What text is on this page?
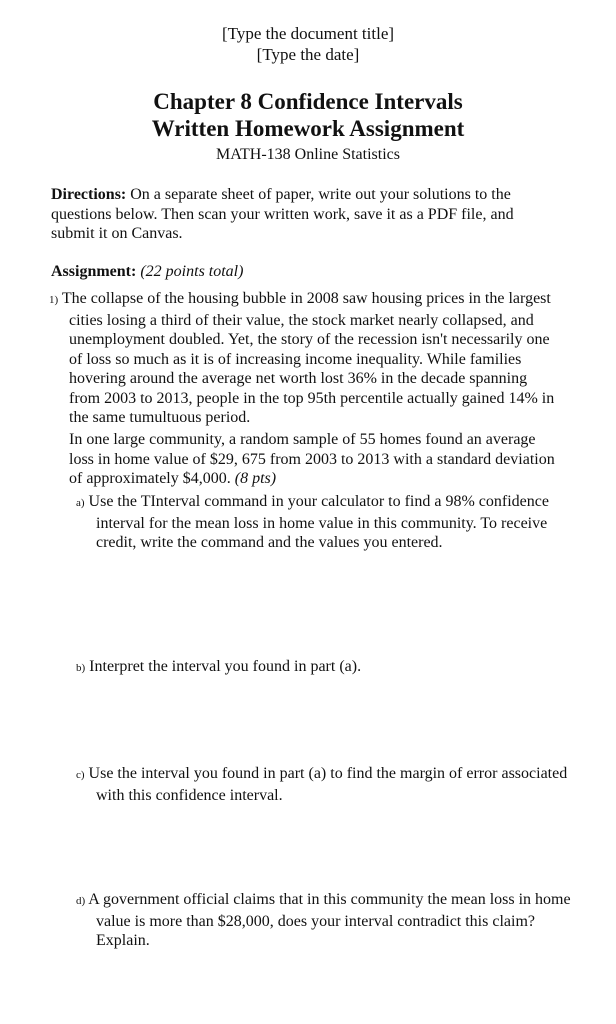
[Type the document title]
[Type the date]
Chapter 8 Confidence Intervals
Written Homework Assignment
MATH-138 Online Statistics
Directions: On a separate sheet of paper, write out your solutions to the questions below. Then scan your written work, save it as a PDF file, and submit it on Canvas.
Assignment: (22 points total)
1) The collapse of the housing bubble in 2008 saw housing prices in the largest cities losing a third of their value, the stock market nearly collapsed, and unemployment doubled. Yet, the story of the recession isn't necessarily one of loss so much as it is of increasing income inequality. While families hovering around the average net worth lost 36% in the decade spanning from 2003 to 2013, people in the top 95th percentile actually gained 14% in the same tumultuous period.
In one large community, a random sample of 55 homes found an average loss in home value of $29, 675 from 2003 to 2013 with a standard deviation of approximately $4,000. (8 pts)
a) Use the TInterval command in your calculator to find a 98% confidence interval for the mean loss in home value in this community. To receive credit, write the command and the values you entered.
b) Interpret the interval you found in part (a).
c) Use the interval you found in part (a) to find the margin of error associated with this confidence interval.
d) A government official claims that in this community the mean loss in home value is more than $28,000, does your interval contradict this claim? Explain.
